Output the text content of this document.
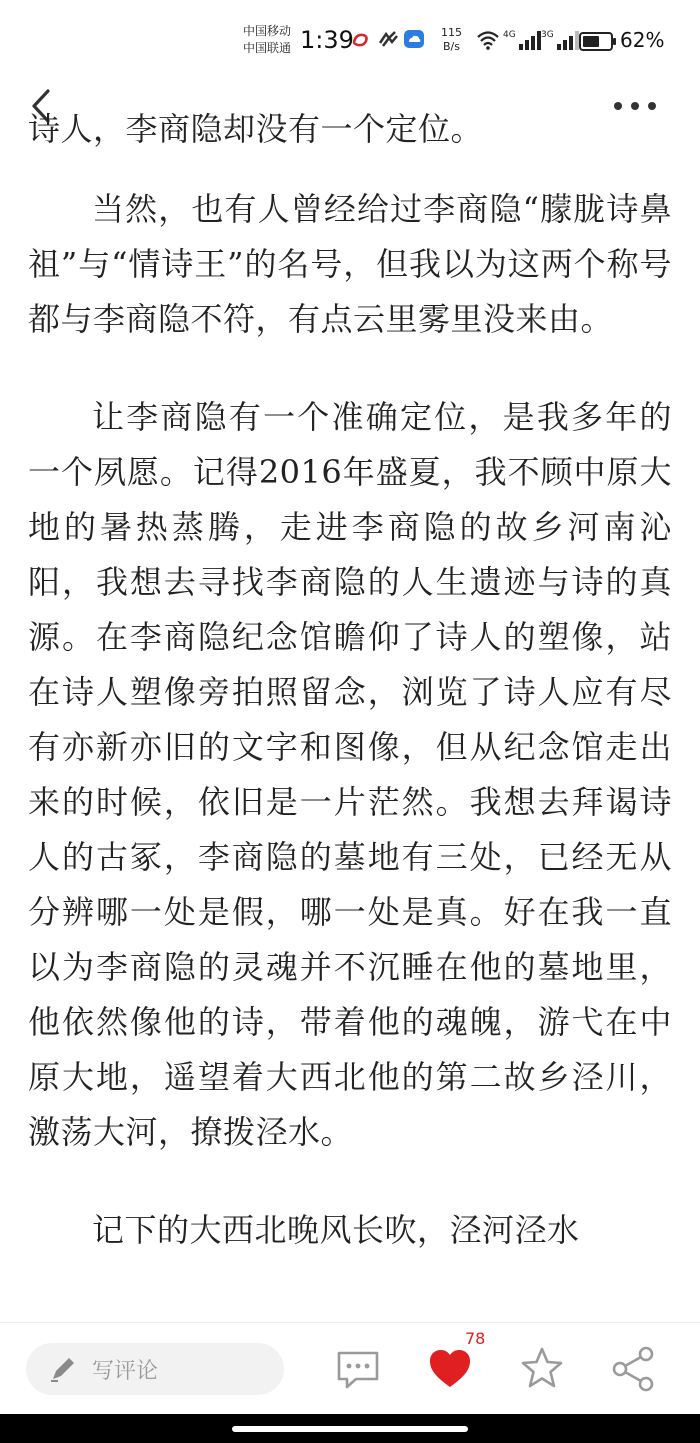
中国移动
中国联通 1:39	115
B/s
4G	3G	62%

诗人，李商隐却没有一个定位。

当然，也有人曾经给过李商隐“朦胧诗鼻祖”与“情诗王”的名号，但我以为这两个称号都与李商隐不符，有点云里雾里没来由。

让李商隐有一个准确定位，是我多年的一个夙愿。记得2016年盛夏，我不顾中原大地的暑热蒸腾，走进李商隐的故乡河南沁阳，我想去寻找李商隐的人生遗迹与诗的真源。在李商隐纪念馆瞻仰了诗人的塑像，站在诗人塑像旁拍照留念，浏览了诗人应有尽有亦新亦旧的文字和图像，但从纪念馆走出来的时候，依旧是一片茫然。我想去拜谒诗人的古冢，李商隐的墓地有三处，已经无从分辨哪一处是假，哪一处是真。好在我一直以为李商隐的灵魂并不沉睡在他的墓地里，他依然像他的诗，带着他的魂魄，游弋在中原大地，遥望着大西北他的第二故乡泾川，激荡大河，撩拨泾水。

记下的大西北晚风长吹，泾河泾水

写评论
78
